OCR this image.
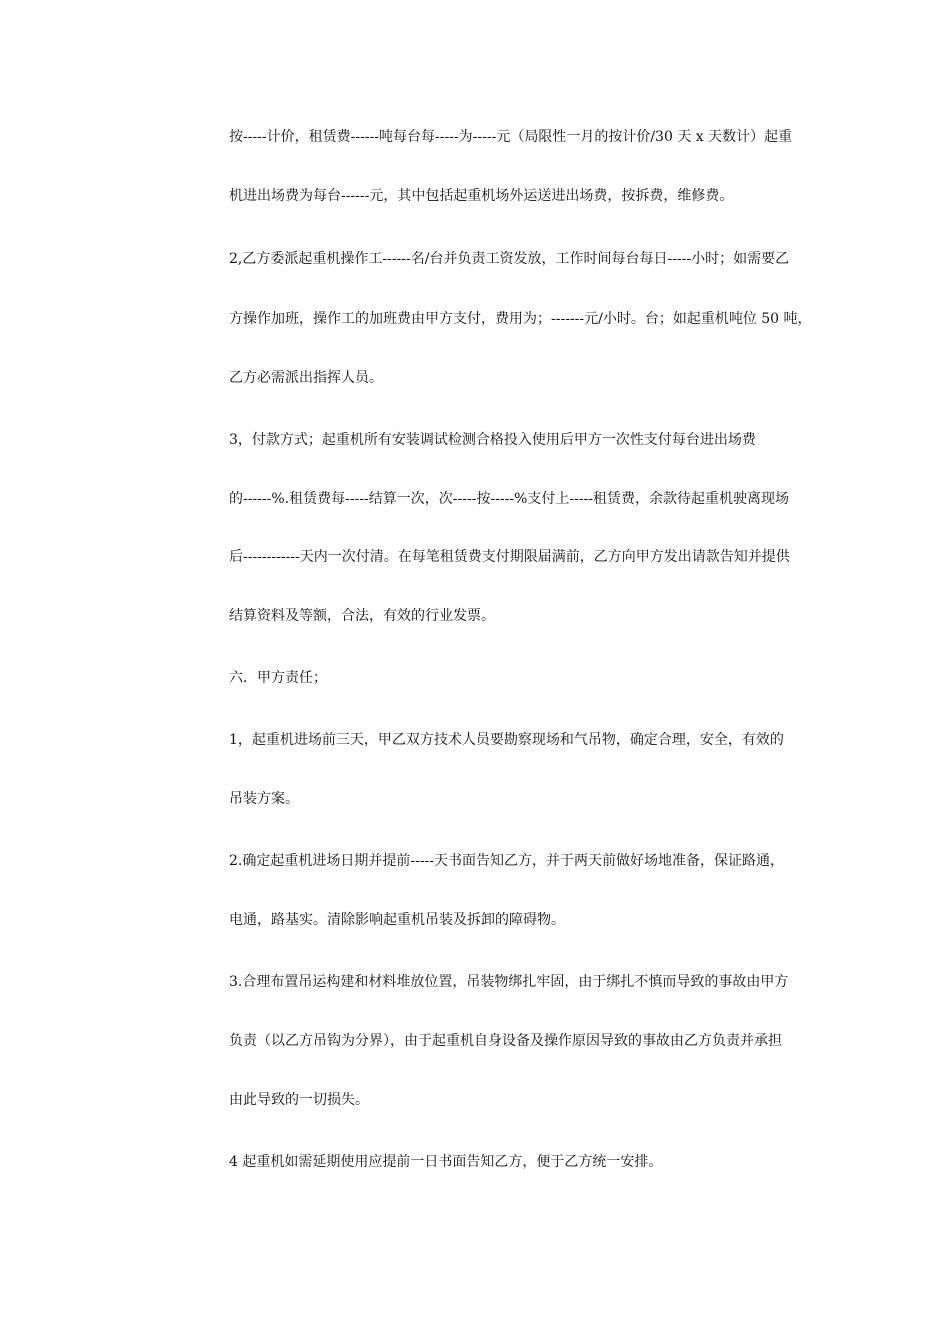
按-----计价，租赁费------吨每台每-----为-----元（局限性一月的按计价/30 天 x 天数计）起重
机进出场费为每台------元，其中包括起重机场外运送进出场费，按拆费，维修费。
2,乙方委派起重机操作工------名/台并负责工资发放，工作时间每台每日-----小时；如需要乙
方操作加班，操作工的加班费由甲方支付，费用为；-------元/小时。台；如起重机吨位 50 吨，
乙方必需派出指挥人员。
3，付款方式；起重机所有安装调试检测合格投入使用后甲方一次性支付每台进出场费
的------%.租赁费每-----结算一次，次-----按-----%支付上-----租赁费，余款待起重机驶离现场
后------------天内一次付清。在每笔租赁费支付期限届满前，乙方向甲方发出请款告知并提供
结算资料及等额，合法，有效的行业发票。
六．甲方责任；
1，起重机进场前三天，甲乙双方技术人员要勘察现场和气吊物，确定合理，安全，有效的
吊装方案。
2.确定起重机进场日期并提前-----天书面告知乙方，并于两天前做好场地准备，保证路通，
电通，路基实。清除影响起重机吊装及拆卸的障碍物。
3.合理布置吊运构建和材料堆放位置，吊装物绑扎牢固，由于绑扎不慎而导致的事故由甲方
负责（以乙方吊钩为分界），由于起重机自身设备及操作原因导致的事故由乙方负责并承担
由此导致的一切损失。
4 起重机如需延期使用应提前一日书面告知乙方，便于乙方统一安排。
